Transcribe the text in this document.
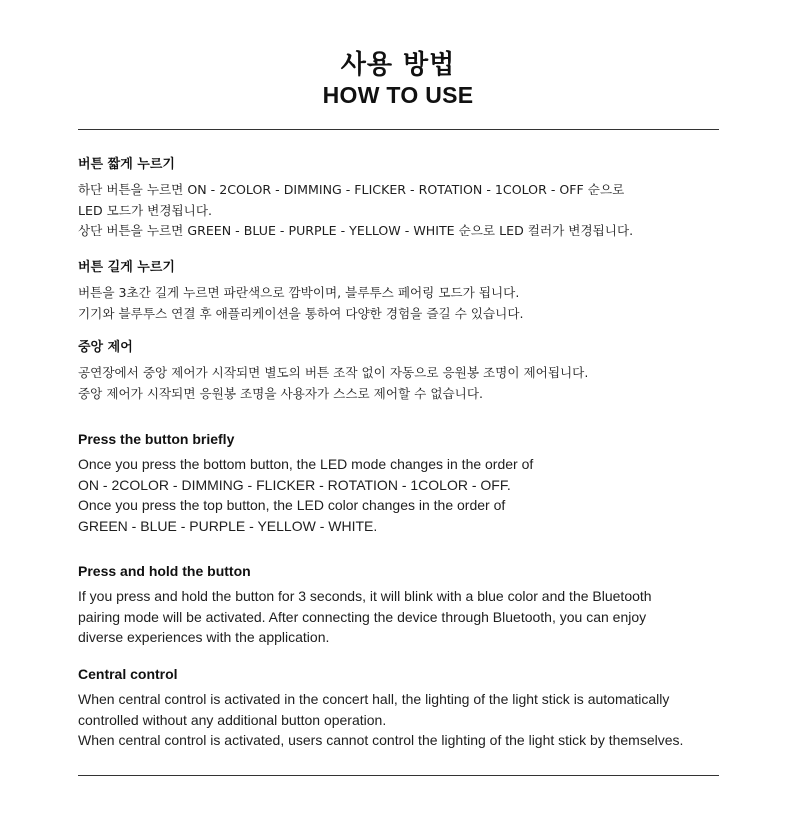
사용 방법
HOW TO USE

버튼 짧게 누르기

하단 버튼을 누르면 ON - 2COLOR - DIMMING - FLICKER - ROTATION - 1COLOR - OFF 순으로
LED 모드가 변경됩니다.
상단 버튼을 누르면 GREEN - BLUE - PURPLE - YELLOW - WHITE 순으로 LED 컬러가 변경됩니다.

버튼 길게 누르기

버튼을 3초간 길게 누르면 파란색으로 깜박이며, 블루투스 페어링 모드가 됩니다.
기기와 블루투스 연결 후 애플리케이션을 통하여 다양한 경험을 즐길 수 있습니다.

중앙 제어

공연장에서 중앙 제어가 시작되면 별도의 버튼 조작 없이 자동으로 응원봉 조명이 제어됩니다.
중앙 제어가 시작되면 응원봉 조명을 사용자가 스스로 제어할 수 없습니다.

Press the button briefly

Once you press the bottom button, the LED mode changes in the order of
ON - 2COLOR - DIMMING - FLICKER - ROTATION - 1COLOR - OFF.
Once you press the top button, the LED color changes in the order of
GREEN - BLUE - PURPLE - YELLOW - WHITE.

Press and hold the button

If you press and hold the button for 3 seconds, it will blink with a blue color and the Bluetooth
pairing mode will be activated. After connecting the device through Bluetooth, you can enjoy
diverse experiences with the application.

Central control

When central control is activated in the concert hall, the lighting of the light stick is automatically
controlled without any additional button operation.
When central control is activated, users cannot control the lighting of the light stick by themselves.
